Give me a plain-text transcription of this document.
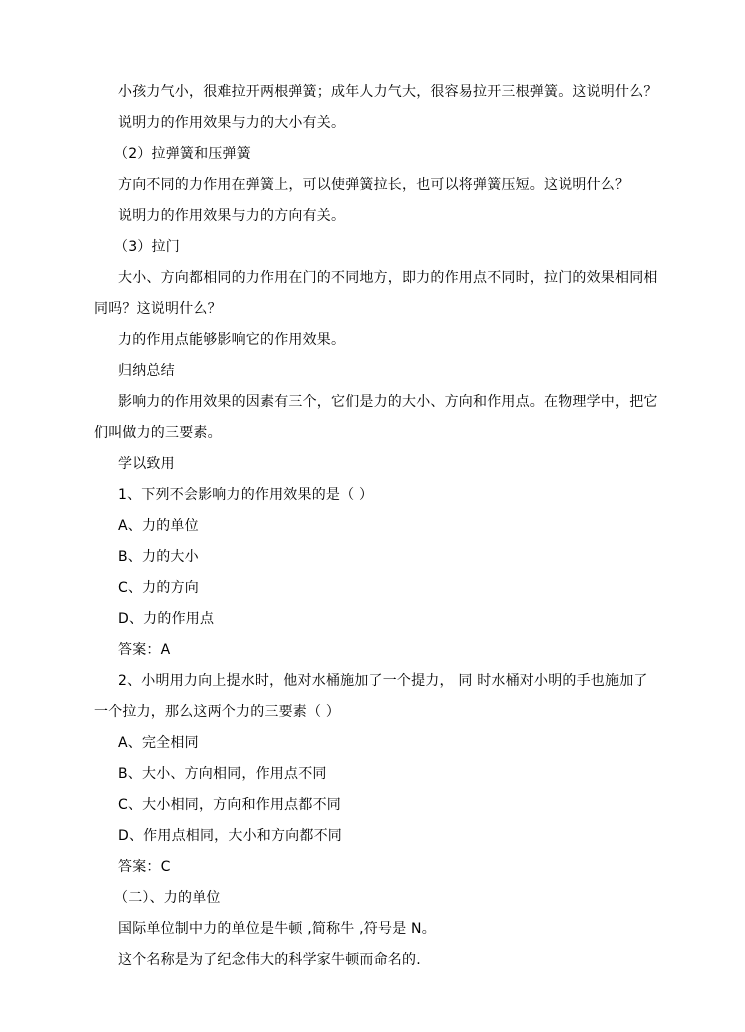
小孩力气小，很难拉开两根弹簧；成年人力气大，很容易拉开三根弹簧。这说明什么？
说明力的作用效果与力的大小有关。
（2）拉弹簧和压弹簧
方向不同的力作用在弹簧上，可以使弹簧拉长，也可以将弹簧压短。这说明什么？
说明力的作用效果与力的方向有关。
（3）拉门
大小、方向都相同的力作用在门的不同地方，即力的作用点不同时，拉门的效果相同相
同吗？这说明什么？
力的作用点能够影响它的作用效果。
归纳总结
影响力的作用效果的因素有三个，它们是力的大小、方向和作用点。在物理学中，把它
们叫做力的三要素。
学以致用
1、下列不会影响力的作用效果的是（ ）
A、力的单位
B、力的大小
C、力的方向
D、力的作用点
答案：A
2、小明用力向上提水时，他对水桶施加了一个提力， 同 时水桶对小明的手也施加了
一个拉力，那么这两个力的三要素（ ）
A、完全相同
B、大小、方向相同，作用点不同
C、大小相同，方向和作用点都不同
D、作用点相同，大小和方向都不同
答案：C
（二）、力的单位
国际单位制中力的单位是牛顿 ,简称牛 ,符号是 N。
这个名称是为了纪念伟大的科学家牛顿而命名的.
